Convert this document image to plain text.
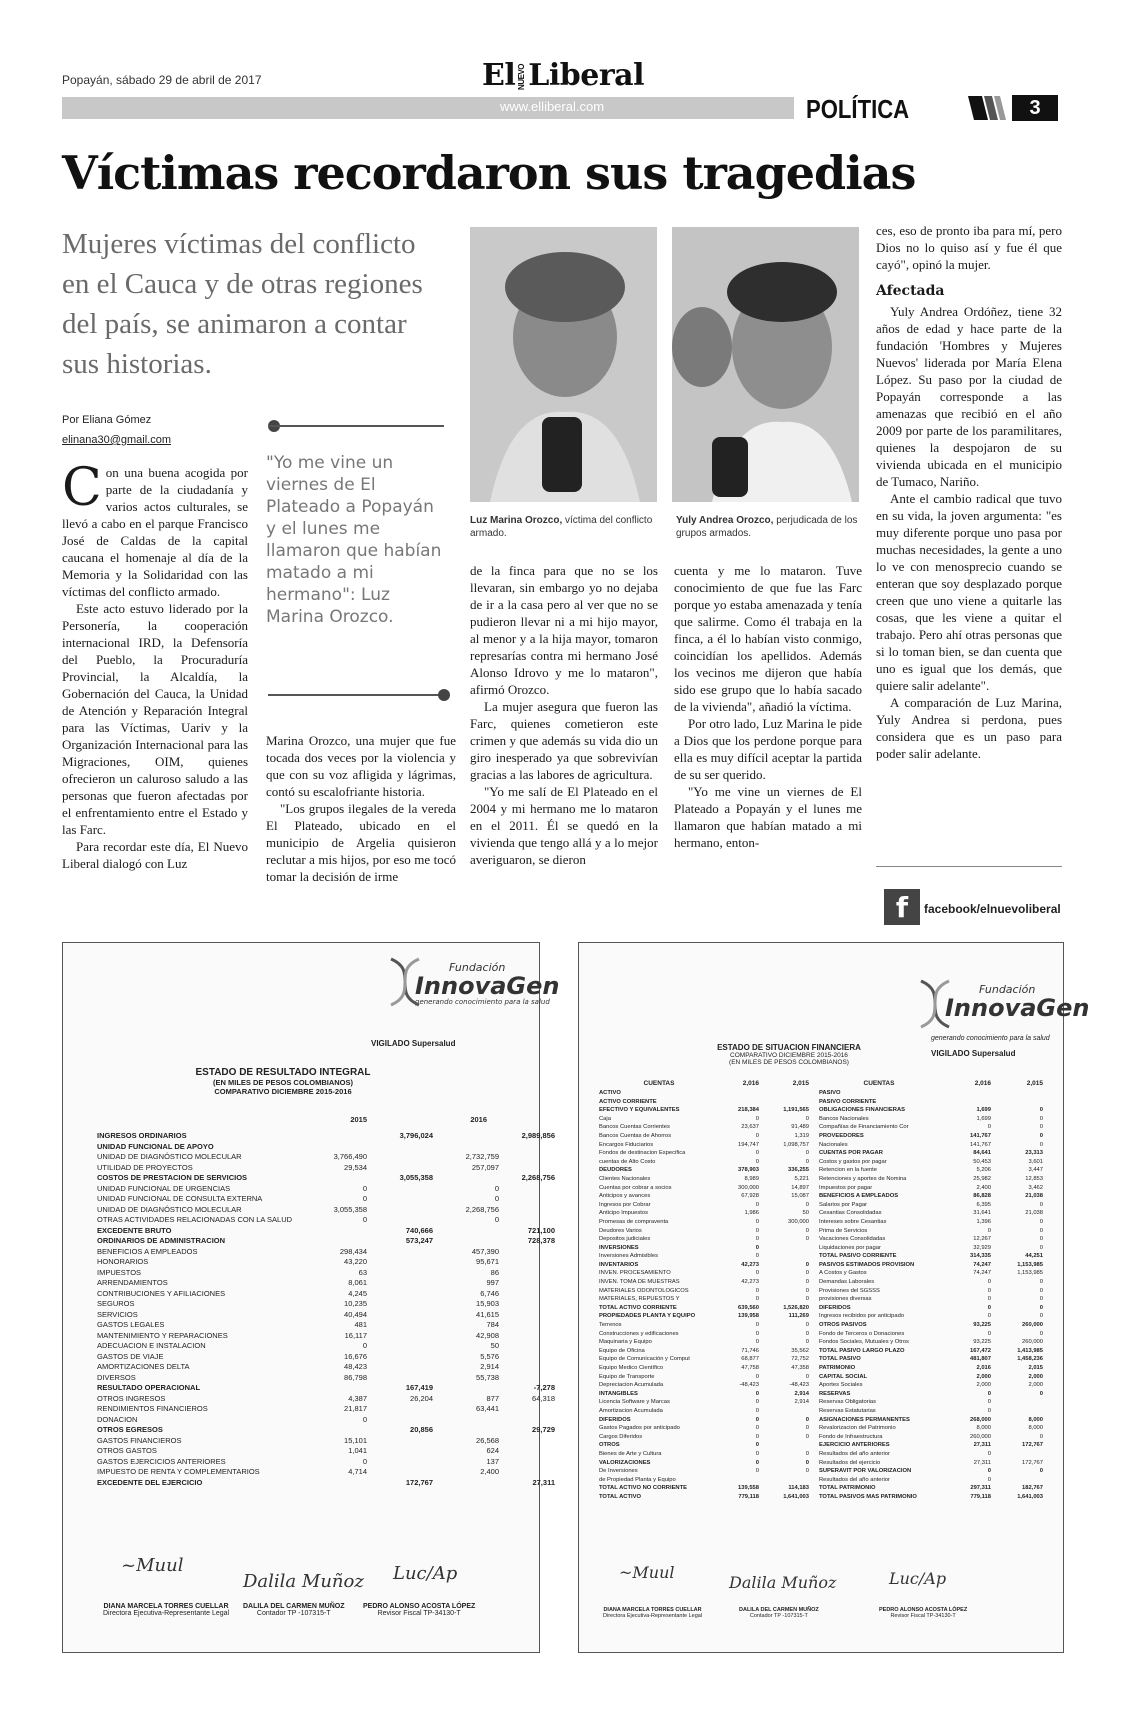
Popayán, sábado 29 de abril de 2017	El NUEVOLiberal
www.elliberal.com	POLÍTICA	3
Víctimas recordaron sus tragedias
Mujeres víctimas del conflicto en el Cauca y de otras regiones del país, se animaron a contar sus historias.
Por Eliana Gómez
elinana30@gmail.com

Con una buena acogida por parte de la ciudadanía y varios actos culturales, se llevó a cabo en el parque Francisco José de Caldas de la capital caucana el homenaje al día de la Memoria y la Solidaridad con las víctimas del conflicto armado.

Este acto estuvo liderado por la Personería, la cooperación internacional IRD, la Defensoría del Pueblo, la Procuraduría Provincial, la Alcaldía, la Gobernación del Cauca, la Unidad de Atención y Reparación Integral para las Víctimas, Uariv y la Organización Internacional para las Migraciones, OIM, quienes ofrecieron un caluroso saludo a las personas que fueron afectadas por el enfrentamiento entre el Estado y las Farc.

Para recordar este día, El Nuevo Liberal dialogó con Luz

"Yo me vine un viernes de El Plateado a Popayán y el lunes me llamaron que habían matado a mi hermano": Luz Marina Orozco.
Luz Marina Orozco, víctima del conflicto armado.
Yuly Andrea Orozco, perjudicada de los grupos armados.

Marina Orozco, una mujer que fue tocada dos veces por la violencia y que con su voz afligida y lágrimas, contó su escalofriante historia.

"Los grupos ilegales de la vereda El Plateado, ubicado en el municipio de Argelia quisieron reclutar a mis hijos, por eso me tocó tomar la decisión de irme

de la finca para que no se los llevaran, sin embargo yo no dejaba de ir a la casa pero al ver que no se pudieron llevar ni a mi hijo mayor, al menor y a la hija mayor, tomaron represarías contra mi hermano José Alonso Idrovo y me lo mataron", afirmó Orozco.

La mujer asegura que fueron las Farc, quienes cometieron este crimen y que además su vida dio un giro inesperado ya que sobrevivían gracias a las labores de agricultura.

"Yo me salí de El Plateado en el 2004 y mi hermano me lo mataron en el 2011. Él se quedó en la vivienda que tengo allá y a lo mejor averiguaron, se dieron

cuenta y me lo mataron. Tuve conocimiento de que fue las Farc porque yo estaba amenazada y tenía que salirme. Como él trabaja en la finca, a él lo habían visto conmigo, coincidían los apellidos. Además los vecinos me dijeron que había sido ese grupo que lo había sacado de la vivienda", añadió la víctima.

Por otro lado, Luz Marina le pide a Dios que los perdone porque para ella es muy difícil aceptar la partida de su ser querido.

"Yo me vine un viernes de El Plateado a Popayán y el lunes me llamaron que habían matado a mi hermano, enton-

ces, eso de pronto iba para mí, pero Dios no lo quiso así y fue él que cayó", opinó la mujer.

Afectada

Yuly Andrea Ordóñez, tiene 32 años de edad y hace parte de la fundación 'Hombres y Mujeres Nuevos' liderada por María Elena López. Su paso por la ciudad de Popayán corresponde a las amenazas que recibió en el año 2009 por parte de los paramilitares, quienes la despojaron de su vivienda ubicada en el municipio de Tumaco, Nariño.

Ante el cambio radical que tuvo en su vida, la joven argumenta: "es muy diferente porque uno pasa por muchas necesidades, la gente a uno lo ve con menosprecio cuando se enteran que soy desplazado porque creen que uno viene a quitarle las cosas, que les viene a quitar el trabajo. Pero ahí otras personas que si lo toman bien, se dan cuenta que uno es igual que los demás, que quiere salir adelante".

A comparación de Luz Marina, Yuly Andrea si perdona, pues considera que es un paso para poder salir adelante.

f	facebook/elnuevoliberal
Fundación
InnovaGen
generando conocimiento para la salud
VIGILADO Supersalud
ESTADO DE RESULTADO INTEGRAL
(EN MILES DE PESOS COLOMBIANOS)
COMPARATIVO DICIEMBRE 2015-2016
2015	2016
INGRESOS ORDINARIOS	3,796,024	2,989,856
UNIDAD FUNCIONAL DE APOYO
UNIDAD DE DIAGNÓSTICO MOLECULAR	3,766,490	2,732,759
UTILIDAD DE PROYECTOS	29,534	257,097
COSTOS DE PRESTACION DE SERVICIOS	3,055,358	2,268,756
UNIDAD FUNCIONAL DE URGENCIAS	0	0
UNIDAD FUNCIONAL DE CONSULTA EXTERNA	0	0
UNIDAD DE DIAGNÓSTICO MOLECULAR	3,055,358	2,268,756
OTRAS ACTIVIDADES RELACIONADAS CON LA SALUD	0	0
EXCEDENTE BRUTO	740,666	721,100
ORDINARIOS DE ADMINISTRACION	573,247	728,378
BENEFICIOS A EMPLEADOS	298,434	457,390
HONORARIOS	43,220	95,671
IMPUESTOS	63	86
ARRENDAMIENTOS	8,061	997
CONTRIBUCIONES Y AFILIACIONES	4,245	6,746
SEGUROS	10,235	15,903
SERVICIOS	40,494	41,615
GASTOS LEGALES	481	784
MANTENIMIENTO Y REPARACIONES	16,117	42,908
ADECUACION E INSTALACION	0	50
GASTOS DE VIAJE	16,676	5,576
AMORTIZACIONES DELTA	48,423	2,914
DIVERSOS	86,798	55,738
RESULTADO OPERACIONAL	167,419	-7,278
OTROS INGRESOS	4,387	26,204	877	64,318
RENDIMIENTOS FINANCIEROS	21,817	63,441
DONACION	0
OTROS EGRESOS	20,856	29,729
GASTOS FINANCIEROS	15,101	26,568
OTROS GASTOS	1,041	624
GASTOS EJERCICIOS ANTERIORES	0	137
IMPUESTO DE RENTA Y COMPLEMENTARIOS	4,714	2,400
EXCEDENTE DEL EJERCICIO	172,767	27,311
~Muul
DIANA MARCELA TORRES CUELLAR
Directora Ejecutiva-Representante Legal
Dalila Muñoz
DALILA DEL CARMEN MUÑOZ
Contador TP -107315-T
Luc/Ap
PEDRO ALONSO ACOSTA LÓPEZ
Revisor Fiscal TP-34130-T
Fundación
InnovaGen
generando conocimiento para la salud
VIGILADO Supersalud
ESTADO DE SITUACION FINANCIERA
COMPARATIVO DICIEMBRE 2015-2016
(EN MILES DE PESOS COLOMBIANOS)
CUENTAS	2,016	2,015	CUENTAS	2,016	2,015
ACTIVO
ACTIVO CORRIENTE
EFECTIVO Y EQUIVALENTES	218,384	1,191,565
Caja	0	0
Bancos Cuentas Corrientes	23,637	91,489
Bancos Cuentas de Ahorros	0	1,319
Encargos Fiduciarios	194,747	1,098,757
Fondos de destinacion Especifica	0	0
cuentas de Alto Costo	0	0
DEUDORES	378,903	336,255
Clientes Nacionales	8,989	5,221
Cuentas por cobrar a socios	300,000	14,897
Anticipos y avances	67,928	15,087
Ingresos por Cobrar	0	0
Anticipo Impuestos	1,986	50
Promesas de compraventa	0	300,000
Deudores Varios	0	0
Depositos judiciales	0	0
INVERSIONES	0
Inversiones Admisibles	0
INVENTARIOS	42,273	0
INVEN. PROCESAMIENTO	0	0
INVEN. TOMA DE MUESTRAS	42,273	0
MATERIALES ODONTOLOGICOS	0	0
MATERIALES, REPUESTOS Y	0	0
TOTAL ACTIVO CORRIENTE	639,560	1,526,820
PROPIEDADES PLANTA Y EQUIPO	139,958	111,269
Terrenos	0	0
Construcciones y edificaciones	0	0
Maquinaria y Equipo	0	0
Equipo de Oficina	71,746	35,562
Equipo de Comunicación y Comput	68,877	72,752
Equipo Medico Científico	47,758	47,358
Equipo de Transporte	0	0
Depreciacion Acumulada	-48,423	-48,423
INTANGIBLES	0	2,914
Licencia Software y Marcas	0	2,914
Amortizacion Acumulada	0
DIFERIDOS	0	0
Gastos Pagados por anticipado	0	0
Cargos Diferidos	0	0
OTROS	0
Bienes de Arte y Cultura	0	0
VALORIZACIONES	0	0
De Inversiones	0	0
de Propiedad Planta y Equipo
TOTAL ACTIVO NO CORRIENTE	139,558	114,183
TOTAL ACTIVO	779,118	1,641,003
PASIVO
PASIVO CORRIENTE
OBLIGACIONES FINANCIERAS	1,699	0
Bancos Nacionales	1,699	0
Compañías de Financiamiento Cor	0	0
PROVEEDORES	141,767	0
Nacionales	141,767	0
CUENTAS POR PAGAR	84,641	23,313
Costos y gastos por pagar	50,453	3,601
Retencion en la fuente	5,206	3,447
Retenciones y aportes de Nomina	25,982	12,853
Impuestos por pagar	2,400	3,462
BENEFICIOS A EMPLEADOS	86,828	21,038
Salarios por Pagar	6,395	0
Cesantias Consolidadas	31,641	21,038
Intereses sobre Cesantias	1,396	0
Prima de Servicios	0	0
Vacaciones Consolidadas	12,267	0
Liquidaciones por pagar	32,929	0
TOTAL PASIVO CORRIENTE	314,335	44,251
PASIVOS ESTIMADOS PROVISION	74,247	1,153,985
A Costos y Gastos	74,247	1,153,985
Demandas Laborales	0	0
Provisiones del SGSSS	0	0
provisiones diversas	0	0
DIFERIDOS	0	0
Ingresos recibidos por anticipado	0	0
OTROS PASIVOS	93,225	260,000
Fondo de Terceros o Donaciones	0	0
Fondos Sociales, Mutuales y Otros	93,225	260,000
TOTAL PASIVO LARGO PLAZO	167,472	1,413,985
TOTAL PASIVO	481,807	1,458,236
PATRIMONIO	2,016	2,015
CAPITAL SOCIAL	2,000	2,000
Aportes Sociales	2,000	2,000
RESERVAS	0	0
Reservas Obligatorias	0
Reservas Estatutarias	0
ASIGNACIONES PERMANENTES	268,000	8,000
Revalorizacion del Patrimonio	8,000	8,000
Fondo de Infraestructura	260,000	0
EJERCICIO ANTERIORES	27,311	172,767
Resultados del año anterior	0
Resultados del ejercicio	27,311	172,767
SUPERAVIT POR VALORIZACION	0	0
Resultados del año anterior	0
TOTAL PATRIMONIO	297,311	182,767
TOTAL PASIVOS MAS PATRIMONIO	779,118	1,641,003
~Muul
DIANA MARCELA TORRES CUELLAR
Directora Ejecutiva-Representante Legal
Dalila Muñoz
DALILA DEL CARMEN MUÑOZ
Contador TP -107315-T
Luc/Ap
PEDRO ALONSO ACOSTA LÓPEZ
Revisor Fiscal TP-34130-T
